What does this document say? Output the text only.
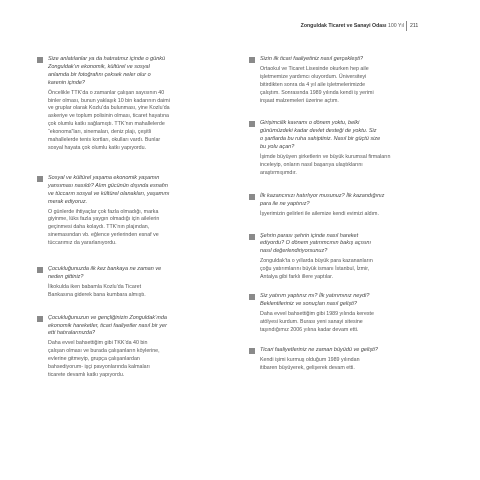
Zonguldak Ticaret ve Sanayi Odası 100 Yıl 211
Size anlatılanlar ya da hatıratınız içinde o günkü
Zonguldak’ın ekonomik, kültürel ve sosyal
anlamda bir fotoğrafını çeksek neler olur o
karenin içinde?
Öncelikle TTK’da o zamanlar çalışan sayısının 40
binler olması, bunun yaklaşık 10 bin kadarının daimi
ve gruplar olarak Kozlu’da bulunması, yine Kozlu’da
askeriye ve toplum polisinin olması, ticaret hayatına
çok olumlu katkı sağlamıştı. TTK’nın mahallelerde
“ekonoma”ları, sinemaları, deniz plajı, çeşitli
mahallelerde tenis kortları, okulları vardı. Bunlar
sosyal hayata çok olumlu katkı yapıyordu.
Sosyal ve kültürel yaşama ekonomik yaşamın
yansıması nasıldı? Alım gücünün dışında esnafın
ve tüccarın sosyal ve kültürel olanakları, yaşamını
merak ediyoruz.
O günlerde ihtiyaçlar çok fazla olmadığı, marka
giyinme, lüks fazla yaygın olmadığı için ailelerin
geçinmesi daha kolaydı. TTK’nın plajından,
sinemasından vb. eğlence yerlerinden esnaf ve
tüccarımız da yararlanıyordu.
Çocukluğunuzda ilk kez bankaya ne zaman ve
neden gittiniz?
İlkokulda iken babamla Kozlu’da Ticaret
Bankasına giderek bana kumbara almıştı.
Çocukluğunuzun ve gençliğinizin Zonguldak’ında
ekonomik hareketler, ticari faaliyetler nasıl bir yer
etti hatıralarınızda?
Daha evvel bahsettiğim gibi TKK’da 40 bin
çalışan olması ve burada çalışanların köylerine,
evlerine gitmeyip, grupça çalışanlardan
bahsediyorum- işçi pavyonlarında kalmaları
ticarete devamlı katkı yapıyordu.
Sizin ilk ticari faaliyetiniz nasıl gerçekleşti?
Ortaokul ve Ticaret Lisesinde okurken hep aile
işletmemize yardımcı oluyordum. Üniversiteyi
bitirdikten sonra da 4 yıl aile işletmelerimizde
çalıştım. Sonrasında 1989 yılında kendi iş yerimi
inşaat malzemeleri üzerine açtım.
Girişimcilik kavramı o dönem yoktu, belki
günümüzdeki kadar devlet desteği de yoktu. Siz
o şartlarda bu ruha sahiptiniz. Nasıl bir güçtü size
bu yolu açan?
İşimde büyüyen şirketlerin ve büyük kurumsal firmaların
inceleyip, onların nasıl başarıya ulaştıklarını
araştırmışımdır.
İlk kazancınızı hatırlıyor musunuz? İlk kazandığınız
para ile ne yaptınız?
İşyerimizin gelirleri ile ailemize kendi evimizi aldım.
Şehrin parası şehrin içinde nasıl hareket
ediyordu? O dönem yatırımcının bakış açısını
nasıl değerlendiriyorsunuz?
Zonguldak’ta o yıllarda büyük para kazananların
çoğu yatırımlarını büyük ismanı İstanbul, İzmir,
Antalya gibi farklı illere yaptılar.
Siz yatırım yaptınız mı? İlk yatırımınız neydi?
Beklentileriniz ve sonuçları nasıl gelişti?
Daha evvel bahsettiğim gibi 1989 yılında kereste
atölyesi kurdum. Burası yeni sanayi sitesine
taşındığımız 2006 yılına kadar devam etti.
Ticari faaliyetleriniz ne zaman büyüdü ve gelişti?
Kendi işimi kurmuş olduğum 1989 yılından
itibaren büyüyerek, gelişerek devam etti.
